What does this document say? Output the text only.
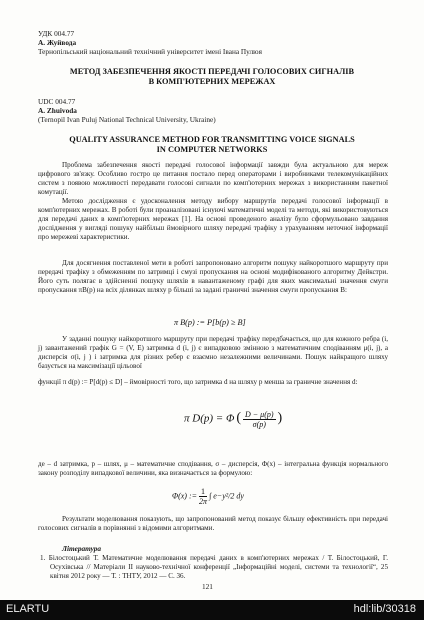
УДК 004.77
А. Жуйвода
Тернопільський національний технічний університет імені Івана Пулюя
МЕТОД ЗАБЕЗПЕЧЕННЯ ЯКОСТІ ПЕРЕДАЧІ ГОЛОСОВИХ СИГНАЛІВ
В КОМП'ЮТЕРНИХ МЕРЕЖАХ
UDC 004.77
A. Zhuivoda
(Ternopil Ivan Puluj National Technical University, Ukraine)
QUALITY ASSURANCE METHOD FOR TRANSMITTING VOICE SIGNALS
IN COMPUTER NETWORKS
Проблема забезпечення якості передачі голосової інформації завжди була актуальною для мереж цифрового зв'язку. Особливо гостро це питання постало перед операторами і виробниками телекомунікаційних систем з появою можливості передавати голосові сигнали по комп'ютерних мережах з використанням пакетної комутації.
Метою дослідження є удосконалення методу вибору маршрутів передачі голосової інформації в комп'ютерних мережах. В роботі були проаналізовані існуючі математичні моделі та методи, які використовуються для передачі даних в комп'ютерних мережах [1]. На основі проведеного аналізу було сформульовано завдання дослідження у вигляді пошуку найбільш ймовірного шляху передачі трафіку з урахуванням неточної інформації про мережеві характеристики.
Для досягнення поставленої мети в роботі запропоновано алгоритм пошуку найкоротшого маршруту при передачі трафіку з обмеженням по затримці і смузі пропускання на основі модифікованого алгоритму Дейкстри. Його суть полягає в здійсненні пошуку шляхів в навантаженому графі для яких максимальні значення смуги пропускання πB(p) на всіх ділянках шляху p більші за задані граничні значення смуги пропускання B:
π B(p) := P[b(p) ≥ B]
У заданні пошуку найкоротшого маршруту при передачі трафіку передбачається, що для кожного ребра (i, j) завантажений графік G = (V, E) затримка d (i, j) є випадковою змінною з математичним сподіванням μ(i, j), а дисперсія σ(i, j ) і затримка для різних ребер є взаємно незалежними величинами. Пошук найкращого шляху базується на максимізації цільової
функції π d(p) := P[d(p) ≤ D] – ймовірності того, що затримка d на шляху p менша за граничне значення d:
π D(p) = Φ ( $\frac{D - \mu(p)}{\sigma(p)}$ )
де – d затримка, p – шлях, μ – математичне сподівання, σ – дисперсія, Φ(x) – інтегральна функція нормального закону розподілу випадкової величини, яка визначається за формулою:
Φ(x) := $\frac{1}{2\pi}$ ∫ e−y²/2 dy
Результати моделювання показують, що запропонований метод показує більшу ефективність при передачі голосових сигналів в порівнянні з відомими алгоритмами.
Література
1. Білостоцький Т. Математичне моделювання передачі даних в комп'ютерних мережах / Т. Білостоцький, Г. Осухівська // Матеріали ІІ науково-технічної конференції „Інформаційні моделі, системи та технології“, 25 квітня 2012 року — Т. : ТНТУ, 2012 — С. 36.
121
ELARTU	hdl:lib/30318
